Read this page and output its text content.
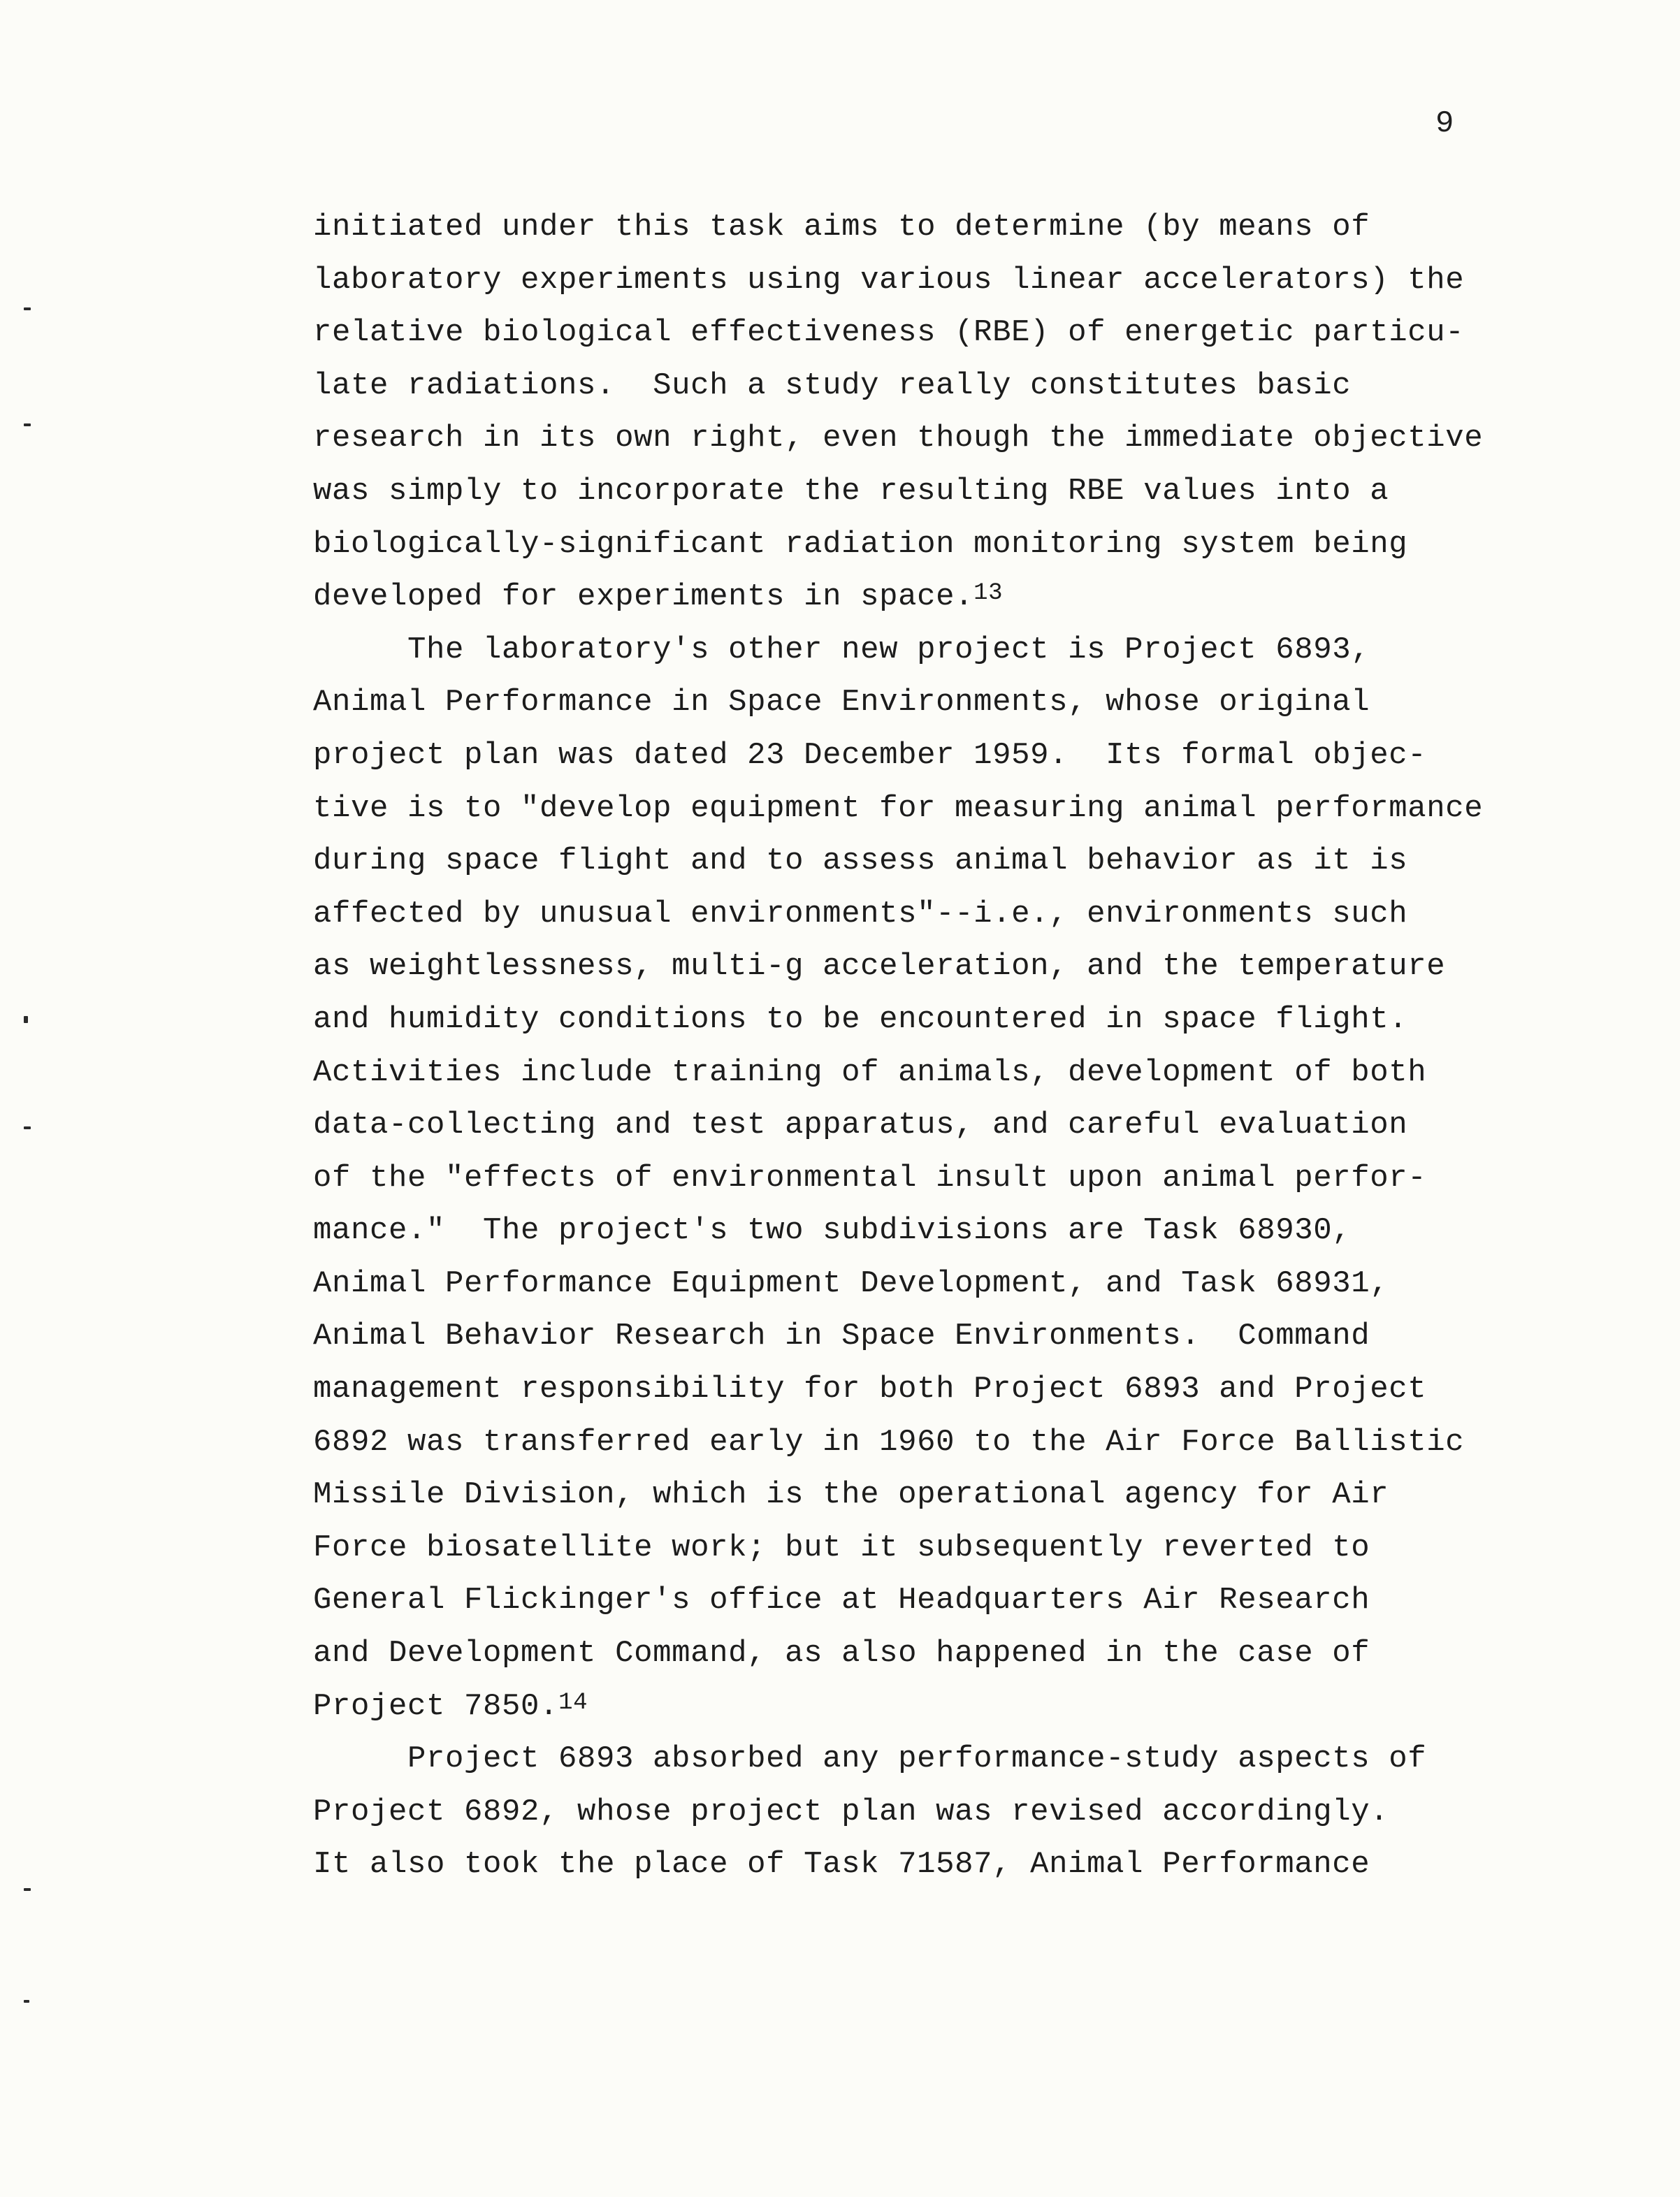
9
initiated under this task aims to determine (by means of
laboratory experiments using various linear accelerators) the
relative biological effectiveness (RBE) of energetic particu-
late radiations.  Such a study really constitutes basic
research in its own right, even though the immediate objective
was simply to incorporate the resulting RBE values into a
biologically-significant radiation monitoring system being
developed for experiments in space.$^{13}$
The laboratory's other new project is Project 6893,
Animal Performance in Space Environments, whose original
project plan was dated 23 December 1959.  Its formal objec-
tive is to "develop equipment for measuring animal performance
during space flight and to assess animal behavior as it is
affected by unusual environments"--i.e., environments such
as weightlessness, multi-g acceleration, and the temperature
and humidity conditions to be encountered in space flight.
Activities include training of animals, development of both
data-collecting and test apparatus, and careful evaluation
of the "effects of environmental insult upon animal perfor-
mance."  The project's two subdivisions are Task 68930,
Animal Performance Equipment Development, and Task 68931,
Animal Behavior Research in Space Environments.  Command
management responsibility for both Project 6893 and Project
6892 was transferred early in 1960 to the Air Force Ballistic
Missile Division, which is the operational agency for Air
Force biosatellite work; but it subsequently reverted to
General Flickinger's office at Headquarters Air Research
and Development Command, as also happened in the case of
Project 7850.14
Project 6893 absorbed any performance-study aspects of
Project 6892, whose project plan was revised accordingly.
It also took the place of Task 71587, Animal Performance
